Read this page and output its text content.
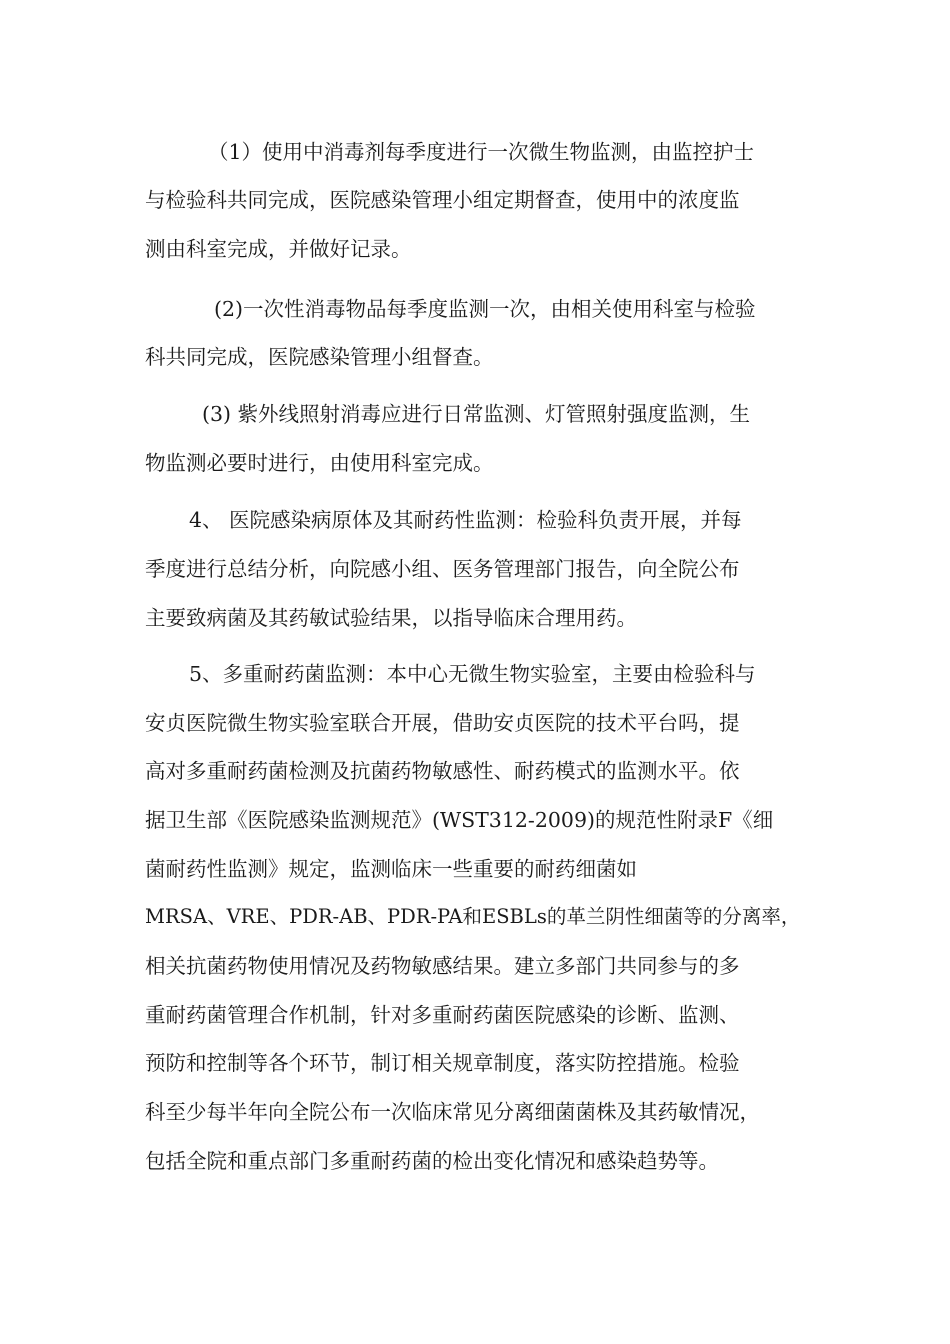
（1）使用中消毒剂每季度进行一次微生物监测，由监控护士

与检验科共同完成，医院感染管理小组定期督查，使用中的浓度监

测由科室完成，并做好记录。

(2)一次性消毒物品每季度监测一次，由相关使用科室与检验

科共同完成，医院感染管理小组督查。

(3) 紫外线照射消毒应进行日常监测、灯管照射强度监测，生

物监测必要时进行，由使用科室完成。

4、 医院感染病原体及其耐药性监测：检验科负责开展，并每

季度进行总结分析，向院感小组、医务管理部门报告，向全院公布

主要致病菌及其药敏试验结果，以指导临床合理用药。

5、多重耐药菌监测：本中心无微生物实验室，主要由检验科与

安贞医院微生物实验室联合开展，借助安贞医院的技术平台吗，提

高对多重耐药菌检测及抗菌药物敏感性、耐药模式的监测水平。依

据卫生部《医院感染监测规范》(WST312-2009)的规范性附录F《细

菌耐药性监测》规定，监测临床一些重要的耐药细菌如

MRSA、VRE、PDR-AB、PDR-PA和ESBLs的革兰阴性细菌等的分离率，

相关抗菌药物使用情况及药物敏感结果。建立多部门共同参与的多

重耐药菌管理合作机制，针对多重耐药菌医院感染的诊断、监测、

预防和控制等各个环节，制订相关规章制度，落实防控措施。检验

科至少每半年向全院公布一次临床常见分离细菌菌株及其药敏情况，

包括全院和重点部门多重耐药菌的检出变化情况和感染趋势等。
